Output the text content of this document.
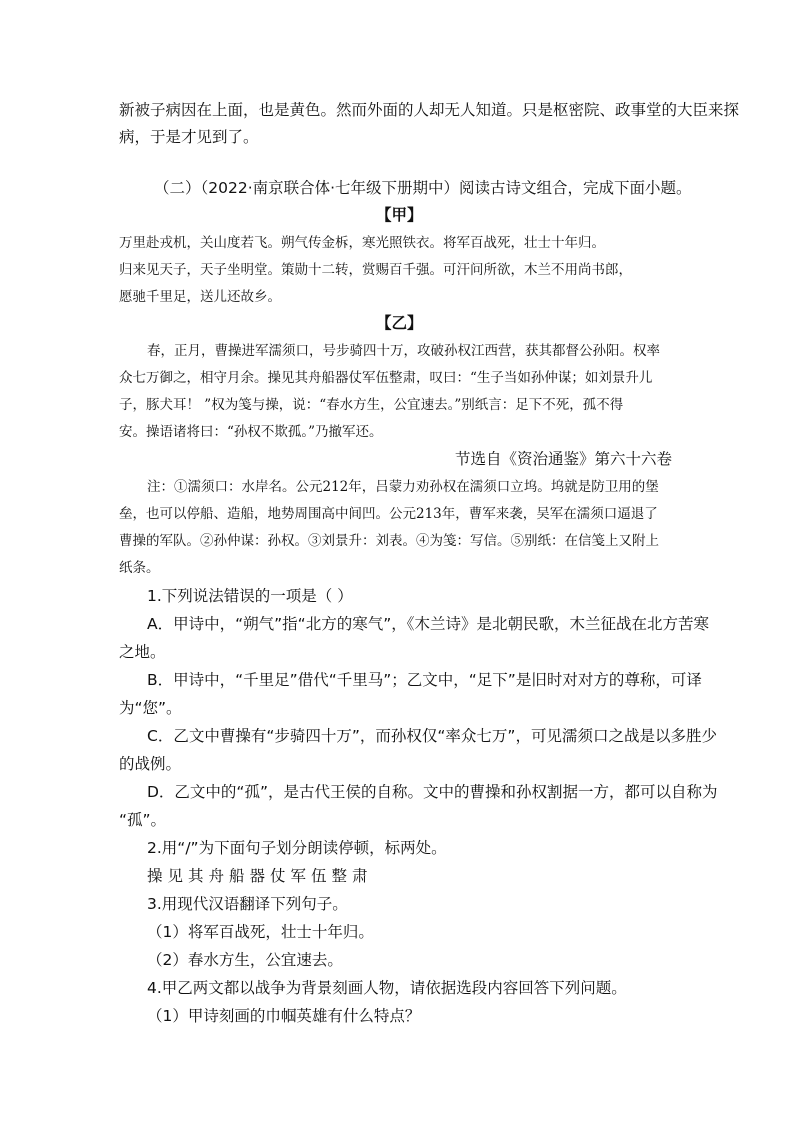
新被子病因在上面，也是黄色。然而外面的人却无人知道。只是枢密院、政事堂的大臣来探
病，于是才见到了。
（二）（2022·南京联合体·七年级下册期中）阅读古诗文组合，完成下面小题。
【甲】
万里赴戎机，关山度若飞。朔气传金柝，寒光照铁衣。将军百战死，壮士十年归。
归来见天子，天子坐明堂。策勋十二转，赏赐百千强。可汗问所欲，木兰不用尚书郎，
愿驰千里足，送儿还故乡。
【乙】
春，正月，曹操进军濡须口，号步骑四十万，攻破孙权江西营，获其都督公孙阳。权率
众七万御之，相守月余。操见其舟船器仗军伍整肃，叹曰：“生子当如孙仲谋；如刘景升儿
子，豚犬耳！ ”权为笺与操，说：“春水方生，公宜速去。”别纸言：足下不死，孤不得
安。操语诸将曰：“孙权不欺孤。”乃撤军还。
节选自《资治通鉴》第六十六卷
注：①濡须口：水岸名。公元212年，吕蒙力劝孙权在濡须口立坞。坞就是防卫用的堡
垒，也可以停船、造船，地势周围高中间凹。公元213年，曹军来袭，吴军在濡须口逼退了
曹操的军队。②孙仲谋：孙权。③刘景升：刘表。④为笺：写信。⑤别纸：在信笺上又附上
纸条。
1.下列说法错误的一项是（ ）
A．甲诗中，“朔气”指“北方的寒气”，《木兰诗》是北朝民歌，木兰征战在北方苦寒
之地。
B．甲诗中，“千里足”借代“千里马”；乙文中，“足下”是旧时对对方的尊称，可译
为“您”。
C．乙文中曹操有“步骑四十万”，而孙权仅“率众七万”，可见濡须口之战是以多胜少
的战例。
D．乙文中的“孤”，是古代王侯的自称。文中的曹操和孙权割据一方，都可以自称为
“孤”。
2.用“/”为下面句子划分朗读停顿，标两处。
操见其舟船器仗军伍整肃
3.用现代汉语翻译下列句子。
（1）将军百战死，壮士十年归。
（2）春水方生，公宜速去。
4.甲乙两文都以战争为背景刻画人物，请依据选段内容回答下列问题。
（1）甲诗刻画的巾帼英雄有什么特点？
